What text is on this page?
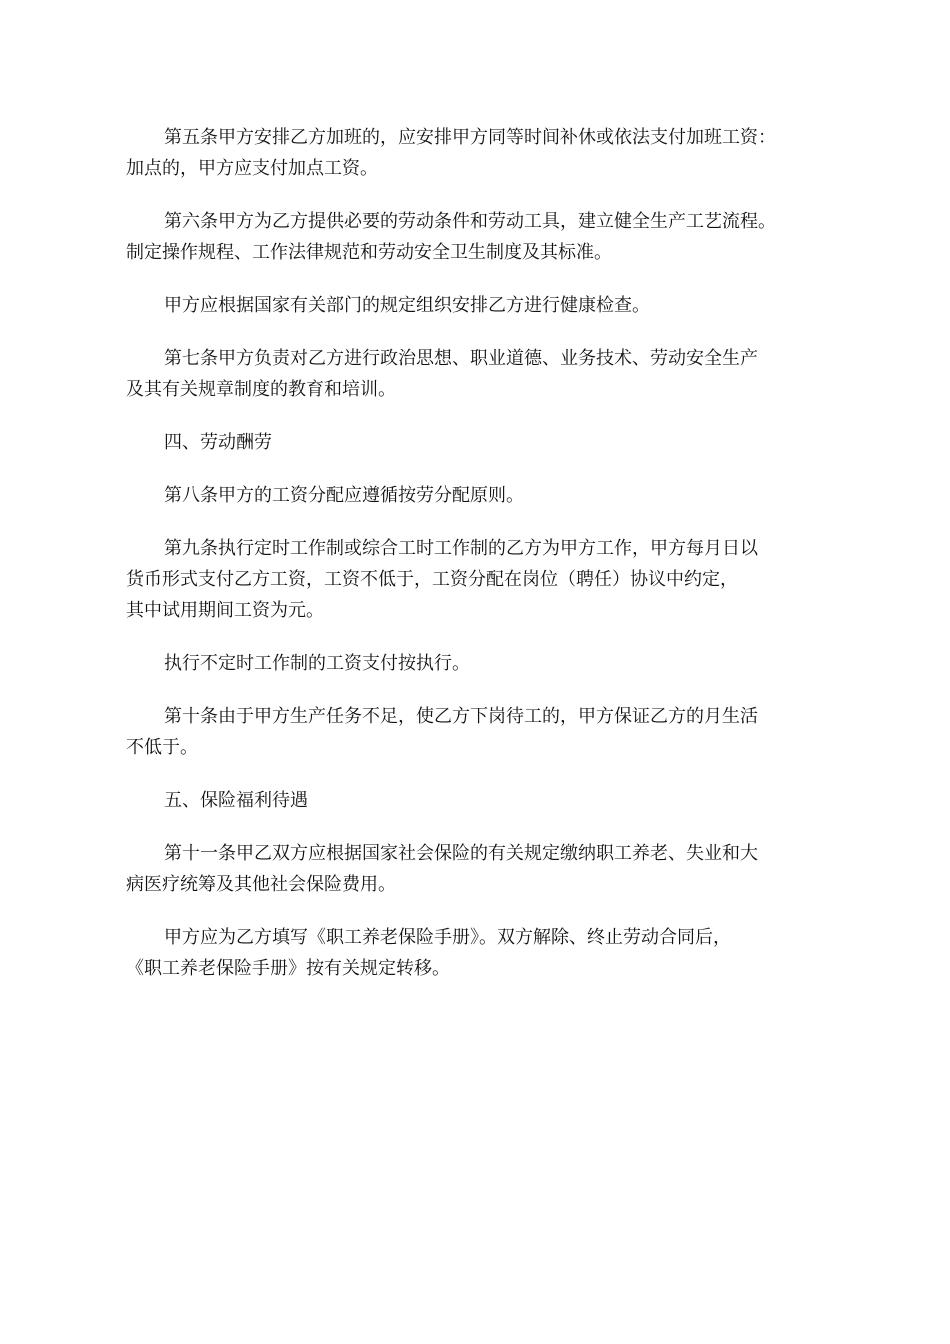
第五条甲方安排乙方加班的，应安排甲方同等时间补休或依法支付加班工资：
加点的，甲方应支付加点工资。

第六条甲方为乙方提供必要的劳动条件和劳动工具，建立健全生产工艺流程。
制定操作规程、工作法律规范和劳动安全卫生制度及其标准。

甲方应根据国家有关部门的规定组织安排乙方进行健康检查。

第七条甲方负责对乙方进行政治思想、职业道德、业务技术、劳动安全生产
及其有关规章制度的教育和培训。

四、劳动酬劳

第八条甲方的工资分配应遵循按劳分配原则。

第九条执行定时工作制或综合工时工作制的乙方为甲方工作，甲方每月日以
货币形式支付乙方工资，工资不低于，工资分配在岗位（聘任）协议中约定，
其中试用期间工资为元。

执行不定时工作制的工资支付按执行。

第十条由于甲方生产任务不足，使乙方下岗待工的，甲方保证乙方的月生活
不低于。

五、保险福利待遇

第十一条甲乙双方应根据国家社会保险的有关规定缴纳职工养老、失业和大
病医疗统筹及其他社会保险费用。

甲方应为乙方填写《职工养老保险手册》。双方解除、终止劳动合同后，
《职工养老保险手册》按有关规定转移。
